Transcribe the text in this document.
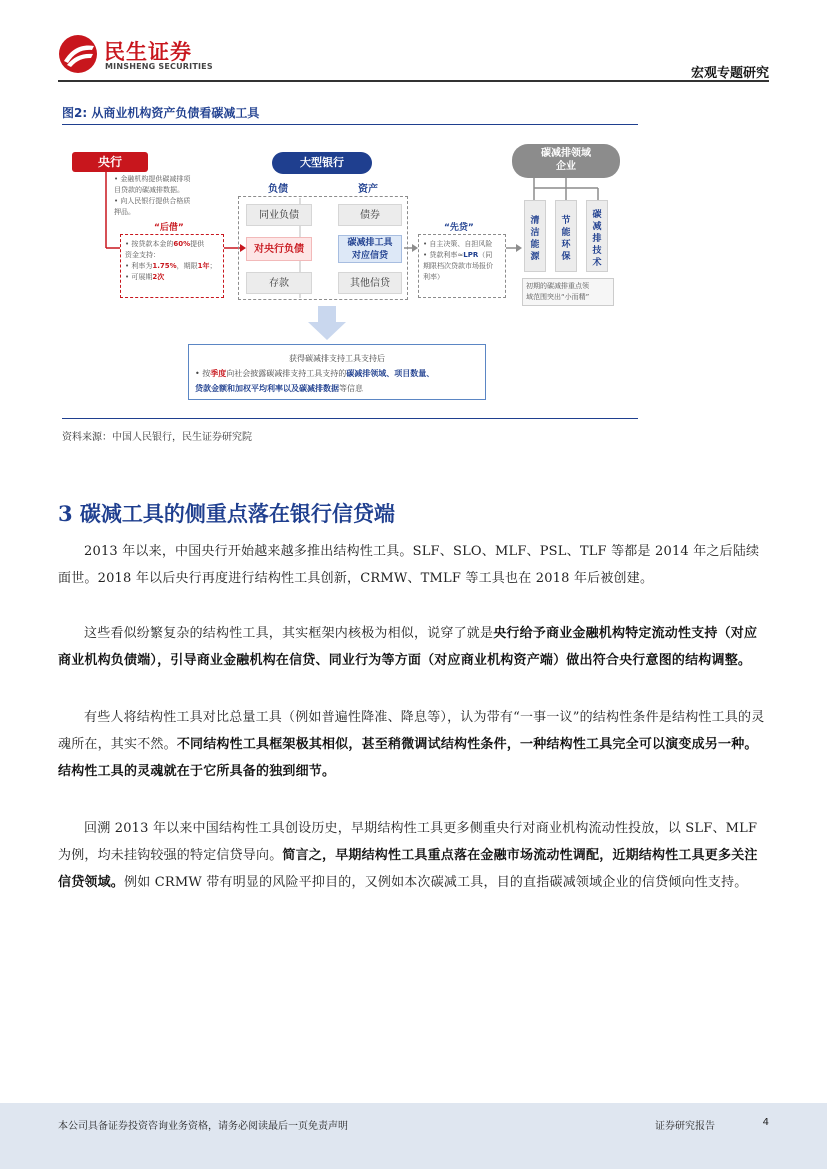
民生证券
MINSHENG SECURITIES	宏观专题研究
图2: 从商业机构资产负债看碳减工具
央行
• 金融机构提供碳减排项
目贷款的碳减排数据。
• 向人民银行提供合格质
押品。
“后借”
• 按贷款本金的60%提供
资金支持：
• 利率为1.75%，期限1年；
• 可展期2次
大型银行
负债	资产
同业负债	债券
对央行负债
碳减排工具
对应信贷
存款	其他信贷
“先贷”
• 自主决策、自担风险
• 贷款利率≈LPR（同
期限档次贷款市场报价
利率）
碳减排领域
企业
清
洁
能
源
节
能
环
保
碳
减
排
技
术
初期的碳减排重点领
域范围突出“小而精”
获得碳减排支持工具支持后
• 按季度向社会披露碳减排支持工具支持的碳减排领域、项目数量、
贷款金额和加权平均利率以及碳减排数据等信息
资料来源：中国人民银行，民生证券研究院
3 碳减工具的侧重点落在银行信贷端
2013 年以来，中国央行开始越来越多推出结构性工具。SLF、SLO、MLF、PSL、TLF 等都是 2014 年之后陆续面世。2018 年以后央行再度进行结构性工具创新，CRMW、TMLF 等工具也在 2018 年后被创建。
这些看似纷繁复杂的结构性工具，其实框架内核极为相似，说穿了就是央行给予商业金融机构特定流动性支持（对应商业机构负债端），引导商业金融机构在信贷、同业行为等方面（对应商业机构资产端）做出符合央行意图的结构调整。
有些人将结构性工具对比总量工具（例如普遍性降准、降息等），认为带有“一事一议”的结构性条件是结构性工具的灵魂所在，其实不然。不同结构性工具框架极其相似，甚至稍微调试结构性条件，一种结构性工具完全可以演变成另一种。结构性工具的灵魂就在于它所具备的独到细节。
回溯 2013 年以来中国结构性工具创设历史，早期结构性工具更多侧重央行对商业机构流动性投放，以 SLF、MLF 为例，均未挂钩较强的特定信贷导向。简言之，早期结构性工具重点落在金融市场流动性调配，近期结构性工具更多关注信贷领域。例如 CRMW 带有明显的风险平抑目的，又例如本次碳减工具，目的直指碳减领域企业的信贷倾向性支持。
本公司具备证券投资咨询业务资格，请务必阅读最后一页免责声明	证券研究报告	4
